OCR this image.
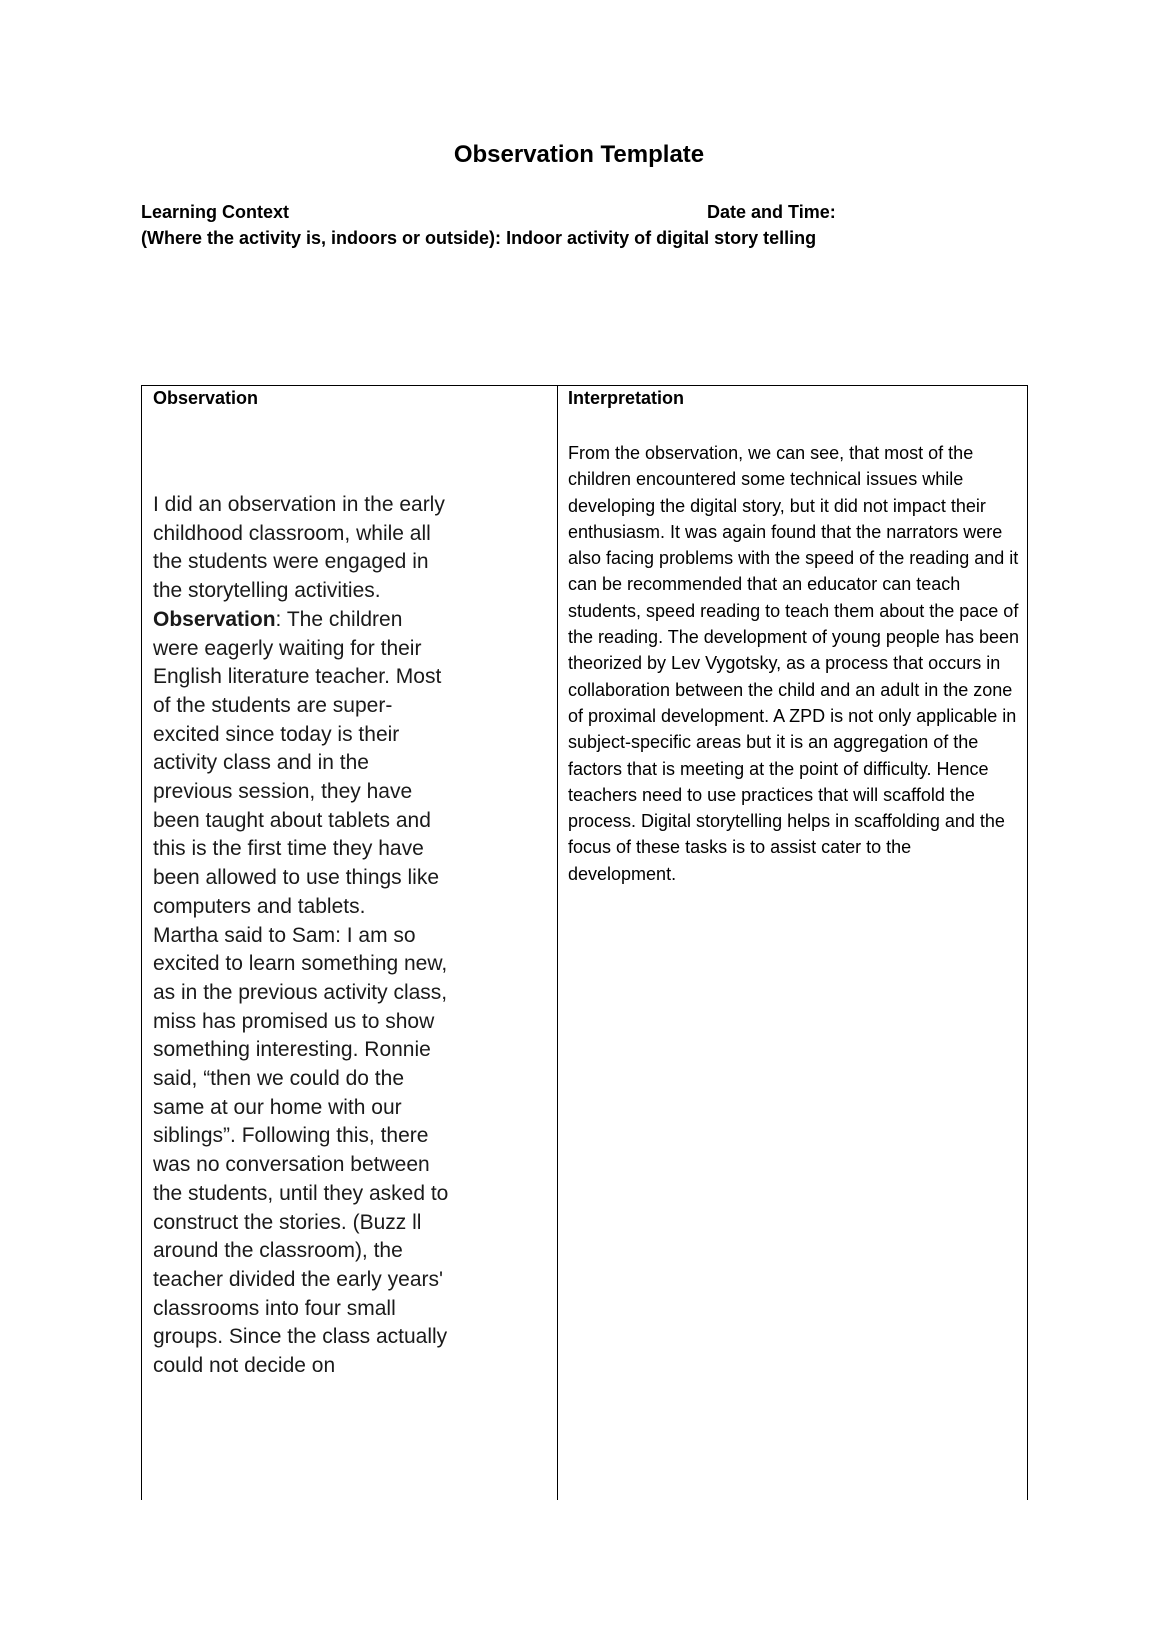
Observation Template

Learning Context	Date and Time:

(Where the activity is, indoors or outside): Indoor activity of digital story telling

Observation

I did an observation in the early childhood classroom, while all the students were engaged in the storytelling activities.

Observation: The children were eagerly waiting for their English literature teacher. Most of the students are super-excited since today is their activity class and in the previous session, they have been taught about tablets and this is the first time they have been allowed to use things like computers and tablets.

Martha said to Sam: I am so excited to learn something new, as in the previous activity class, miss has promised us to show something interesting. Ronnie said, “then we could do the same at our home with our siblings”. Following this, there was no conversation between the students, until they asked to construct the stories. (Buzz ll around the classroom), the teacher divided the early years' classrooms into four small groups. Since the class actually could not decide on

Interpretation

From the observation, we can see, that most of the children encountered some technical issues while developing the digital story, but it did not impact their enthusiasm. It was again found that the narrators were also facing problems with the speed of the reading and it can be recommended that an educator can teach students, speed reading to teach them about the pace of the reading. The development of young people has been theorized by Lev Vygotsky, as a process that occurs in collaboration between the child and an adult in the zone of proximal development. A ZPD is not only applicable in subject-specific areas but it is an aggregation of the factors that is meeting at the point of difficulty. Hence teachers need to use practices that will scaffold the process. Digital storytelling helps in scaffolding and the focus of these tasks is to assist cater to the development.
